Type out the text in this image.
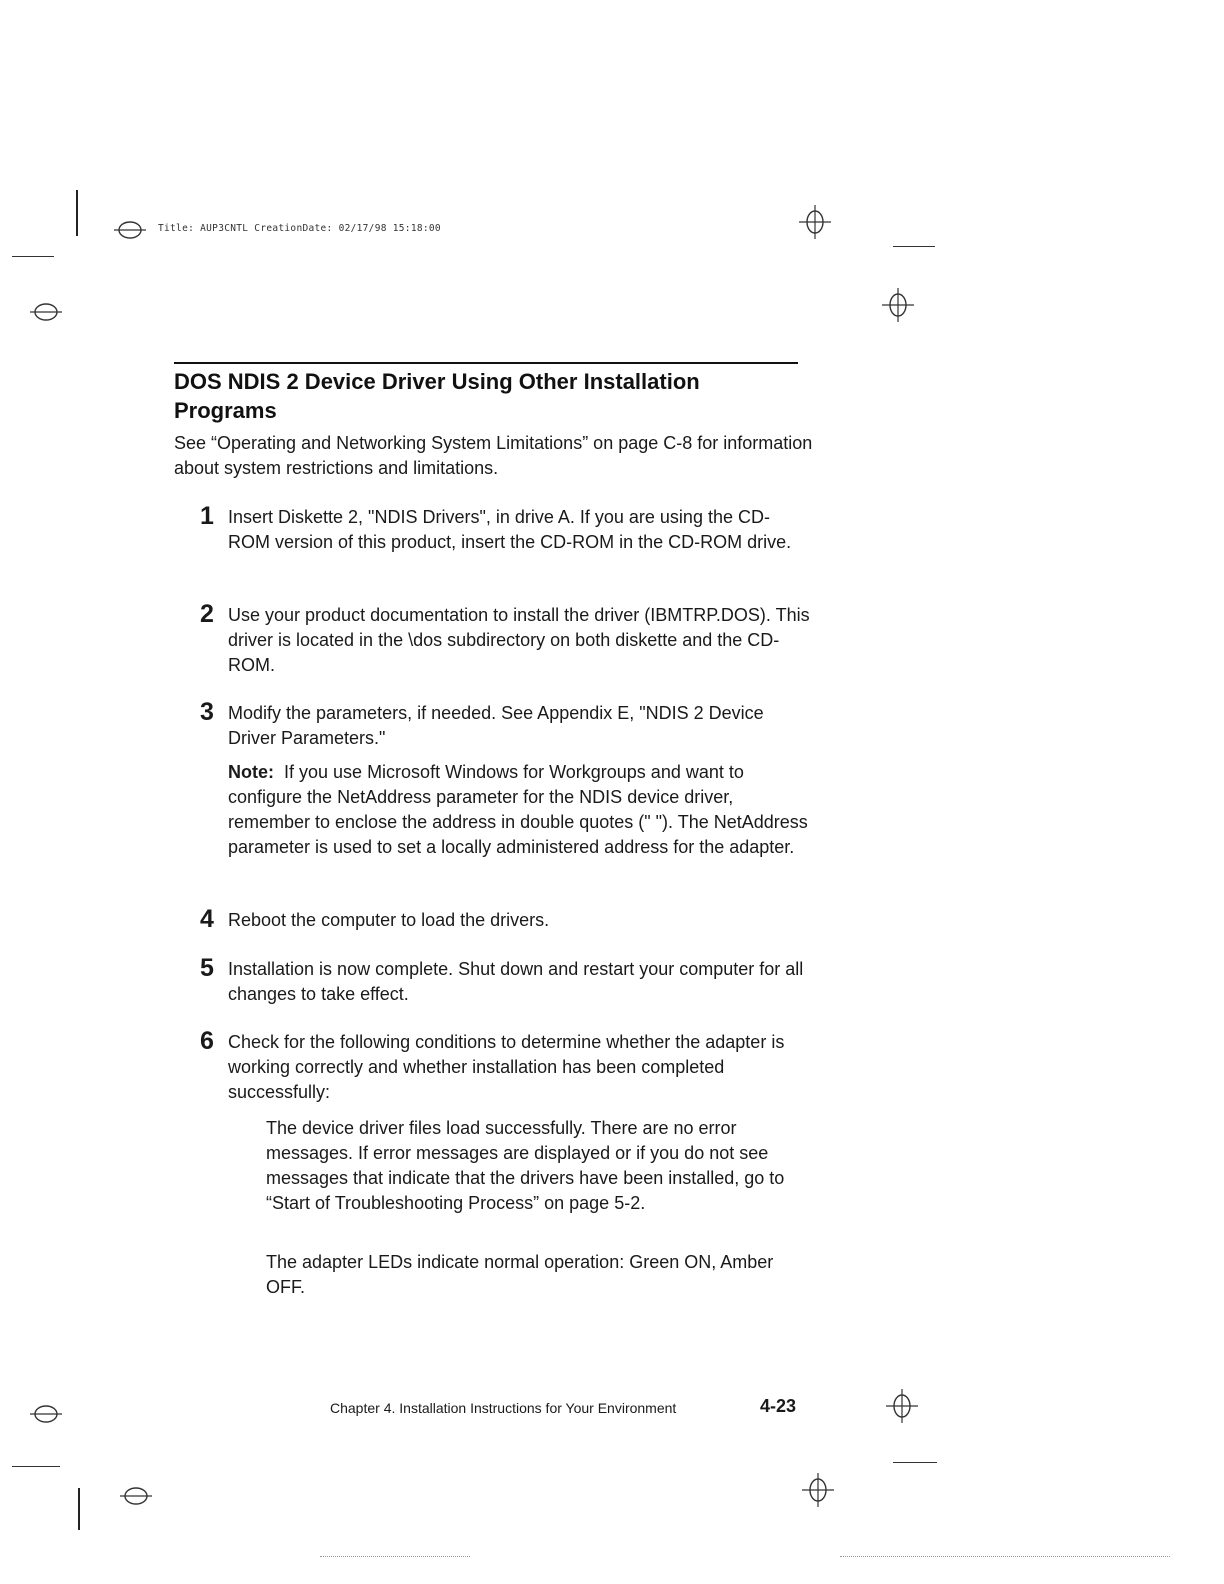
Title: AUP3CNTL CreationDate: 02/17/98 15:18:00
DOS NDIS 2 Device Driver Using Other Installation
Programs

See “Operating and Networking System Limitations” on page C-8 for information about system restrictions and limitations.

1 Insert Diskette 2, "NDIS Drivers", in drive A. If you are using the CD-ROM version of this product, insert the CD-ROM in the CD-ROM drive.
2 Use your product documentation to install the driver (IBMTRP.DOS). This driver is located in the \dos subdirectory on both diskette and the CD-ROM.
3 Modify the parameters, if needed. See Appendix E, "NDIS 2 Device Driver Parameters."

Note: If you use Microsoft Windows for Workgroups and want to configure the NetAddress parameter for the NDIS device driver, remember to enclose the address in double quotes (" "). The NetAddress parameter is used to set a locally administered address for the adapter.

4 Reboot the computer to load the drivers.
5 Installation is now complete. Shut down and restart your computer for all changes to take effect.
6 Check for the following conditions to determine whether the adapter is working correctly and whether installation has been completed successfully:

The device driver files load successfully. There are no error messages. If error messages are displayed or if you do not see messages that indicate that the drivers have been installed, go to “Start of Troubleshooting Process” on page 5-2.

The adapter LEDs indicate normal operation: Green ON, Amber OFF.

Chapter 4. Installation Instructions for Your Environment	4-23
